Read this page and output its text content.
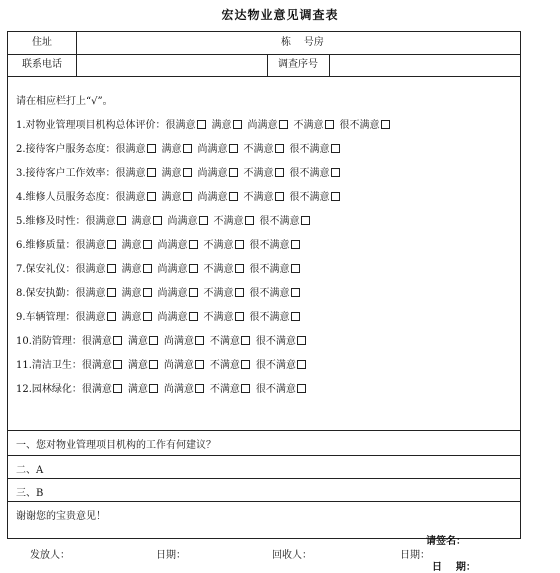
宏达物业意见调查表
住址	栋    号房
联系电话	调查序号
请在相应栏打上“√”。
1.对物业管理项目机构总体评价：很满意 满意 尚满意 不满意 很不满意
2.接待客户服务态度：很满意 满意 尚满意 不满意 很不满意
3.接待客户工作效率：很满意 满意 尚满意 不满意 很不满意
4.维修人员服务态度：很满意 满意 尚满意 不满意 很不满意
5.维修及时性：很满意 满意 尚满意 不满意 很不满意
6.维修质量：很满意 满意 尚满意 不满意 很不满意
7.保安礼仪：很满意 满意 尚满意 不满意 很不满意
8.保安执勤：很满意 满意 尚满意 不满意 很不满意
9.车辆管理：很满意 满意 尚满意 不满意 很不满意
10.消防管理：很满意 满意 尚满意 不满意 很不满意
11.清洁卫生：很满意 满意 尚满意 不满意 很不满意
12.园林绿化：很满意 满意 尚满意 不满意 很不满意
一、您对物业管理项目机构的工作有何建议？
二、A
三、B
谢谢您的宝贵意见！
请签名：
日    期：
发放人：	日期：	回收人：	日期：
